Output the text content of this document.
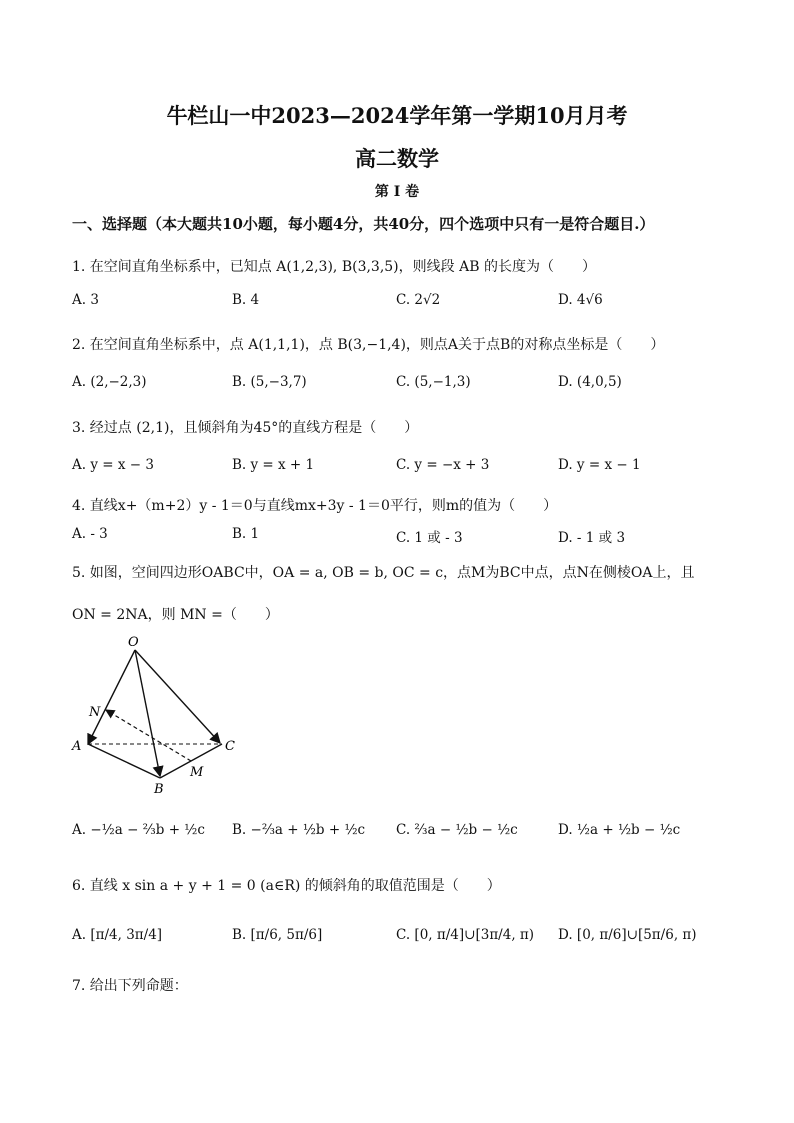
牛栏山一中2023—2024学年第一学期10月月考
高二数学
第 I 卷
一、选择题（本大题共10小题，每小题4分，共40分，四个选项中只有一是符合题目.）
1. 在空间直角坐标系中，已知点 A(1,2,3), B(3,3,5)，则线段 AB 的长度为（　　）
A. 3	B. 4	C. 2√2	D. 4√6
2. 在空间直角坐标系中，点 A(1,1,1)，点 B(3,−1,4)，则点A关于点B的对称点坐标是（　　）
A. (2,−2,3)	B. (5,−3,7)	C. (5,−1,3)	D. (4,0,5)
3. 经过点 (2,1)，且倾斜角为45°的直线方程是（　　）
A. y = x − 3	B. y = x + 1	C. y = −x + 3	D. y = x − 1
4. 直线x+（m+2）y - 1＝0与直线mx+3y - 1＝0平行，则m的值为（　　）
A. - 3	B. 1	C. 1 或 - 3	D. - 1 或 3
5. 如图，空间四边形OABC中，OA = a, OB = b, OC = c，点M为BC中点，点N在侧棱OA上，且
ON = 2NA，则 MN =（　　）
O
N
A	C
M
B
A. −½a − ⅔b + ½c B. −⅔a + ½b + ½c C. ⅔a − ½b − ½c	D. ½a + ½b − ½c
6. 直线 x sin a + y + 1 = 0 (a∈R) 的倾斜角的取值范围是（　　）
A. [π/4, 3π/4]	B. [π/6, 5π/6]	C. [0, π/4]∪[3π/4, π) D. [0, π/6]∪[5π/6, π)
7. 给出下列命题：
